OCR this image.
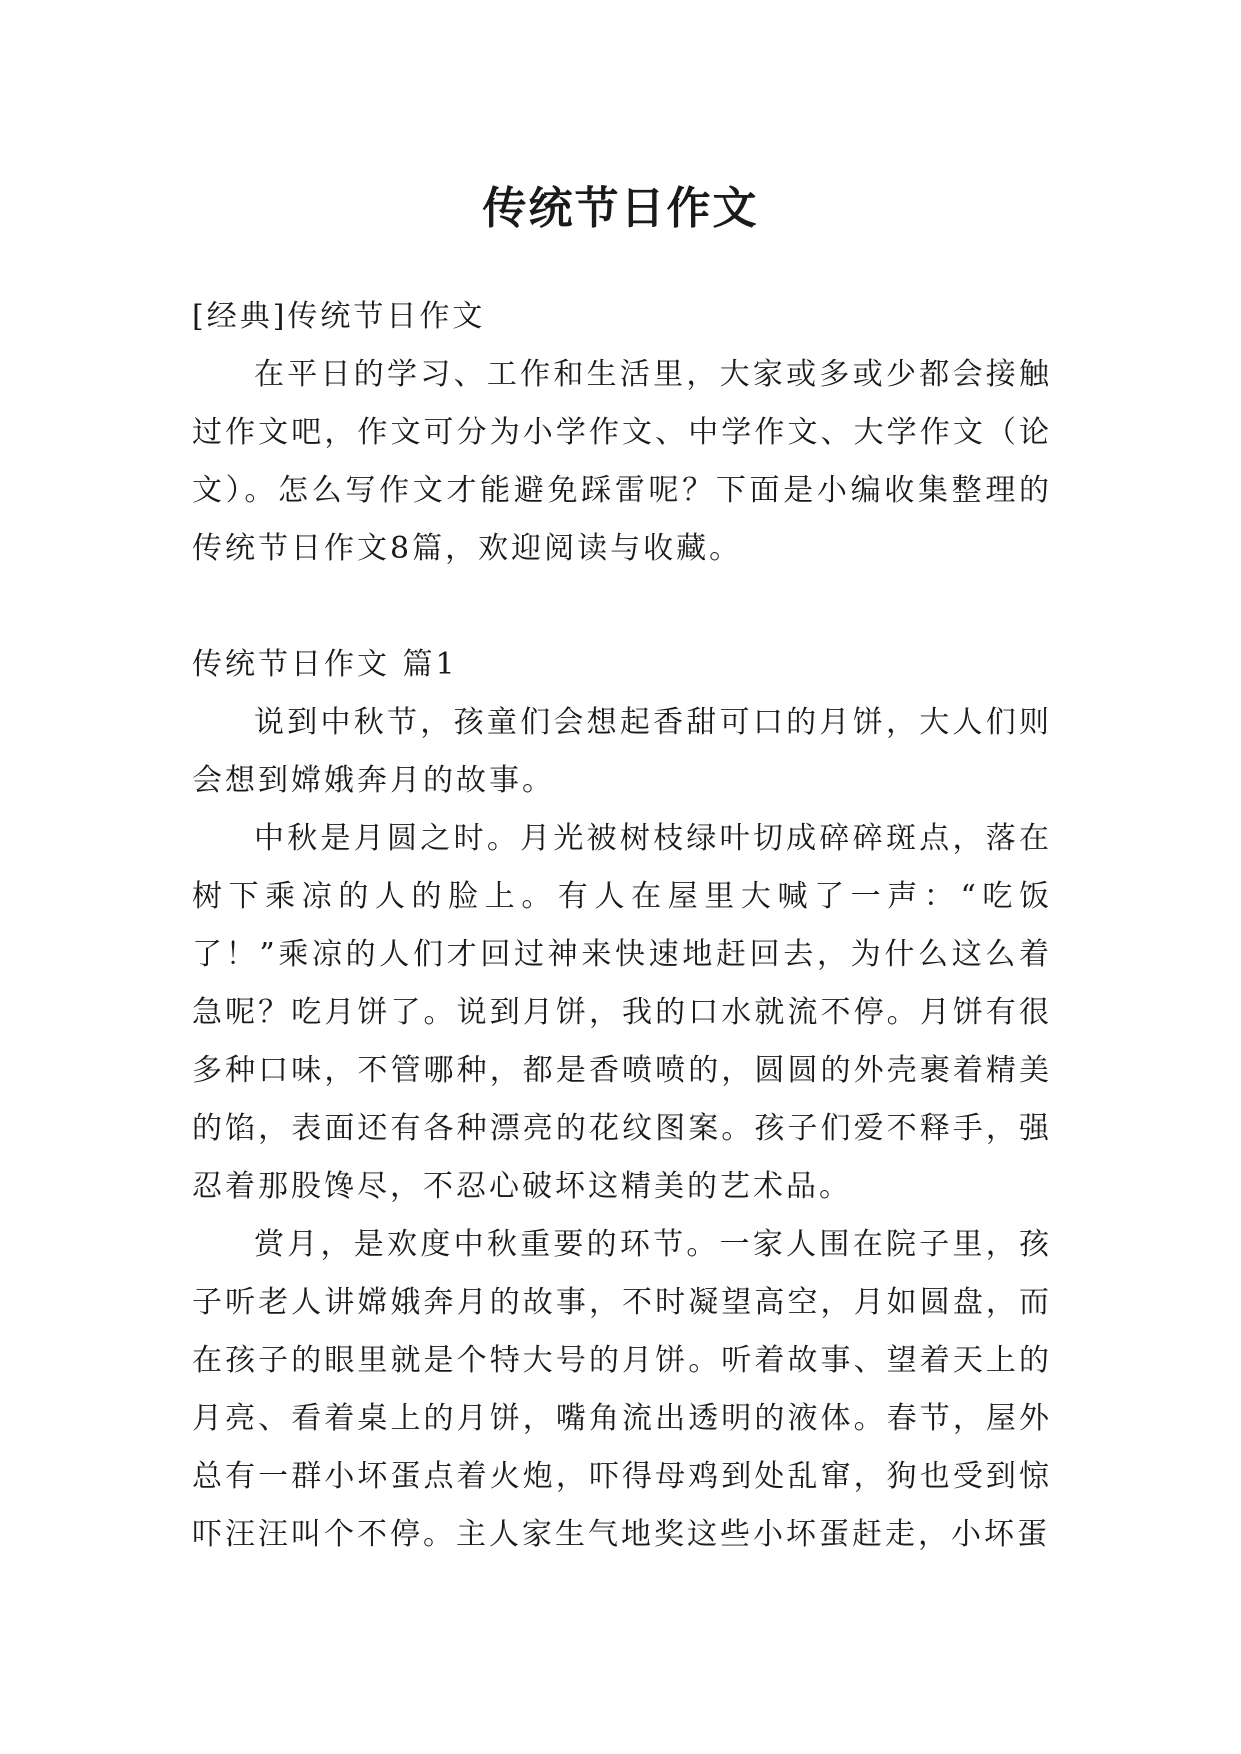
传统节日作文

[经典]传统节日作文

在平日的学习、工作和生活里，大家或多或少都会接触过作文吧，作文可分为小学作文、中学作文、大学作文（论文）。怎么写作文才能避免踩雷呢？下面是小编收集整理的传统节日作文8篇，欢迎阅读与收藏。

传统节日作文 篇1

说到中秋节，孩童们会想起香甜可口的月饼，大人们则会想到嫦娥奔月的故事。

中秋是月圆之时。月光被树枝绿叶切成碎碎斑点，落在树下乘凉的人的脸上。有人在屋里大喊了一声：“吃饭了！”乘凉的人们才回过神来快速地赶回去，为什么这么着急呢？吃月饼了。说到月饼，我的口水就流不停。月饼有很多种口味，不管哪种，都是香喷喷的，圆圆的外壳裹着精美的馅，表面还有各种漂亮的花纹图案。孩子们爱不释手，强忍着那股馋尽，不忍心破坏这精美的艺术品。

赏月，是欢度中秋重要的环节。一家人围在院子里，孩子听老人讲嫦娥奔月的故事，不时凝望高空，月如圆盘，而在孩子的眼里就是个特大号的月饼。听着故事、望着天上的月亮、看着桌上的月饼，嘴角流出透明的液体。春节，屋外总有一群小坏蛋点着火炮，吓得母鸡到处乱窜，狗也受到惊吓汪汪叫个不停。主人家生气地奖这些小坏蛋赶走，小坏蛋
